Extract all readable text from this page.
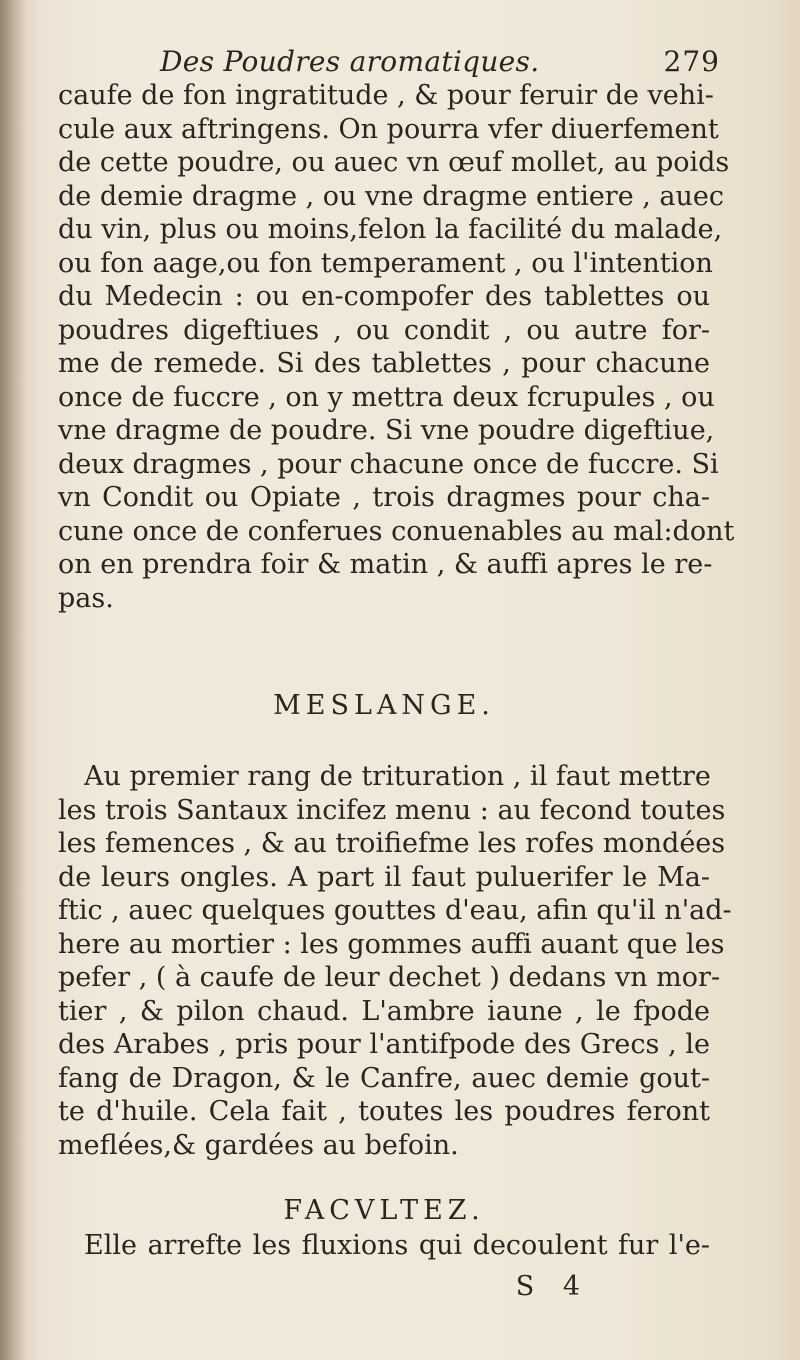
Des Poudres aromatiques.	279
caufe de fon ingratitude , & pour feruir de vehi-
cule aux aftringens. On pourra vfer diuerfement
de cette poudre, ou auec vn œuf mollet, au poids
de demie dragme , ou vne dragme entiere , auec
du vin, plus ou moins,felon la facilité du malade,
ou fon aage,ou fon temperament , ou l'intention
du Medecin : ou en-compofer des tablettes ou
poudres digeftiues , ou condit , ou autre for-
me de remede. Si des tablettes , pour chacune
once de fuccre , on y mettra deux fcrupules , ou
vne dragme de poudre. Si vne poudre digeftiue,
deux dragmes , pour chacune once de fuccre. Si
vn Condit ou Opiate , trois dragmes pour cha-
cune once de conferues conuenables au mal:dont
on en prendra foir & matin , & auffi apres le re-
pas.
MESLANGE.
Au premier rang de trituration , il faut mettre
les trois Santaux incifez menu : au fecond toutes
les femences , & au troifiefme les rofes mondées
de leurs ongles. A part il faut puluerifer le Ma-
ftic , auec quelques gouttes d'eau, afin qu'il n'ad-
here au mortier : les gommes auffi auant que les
pefer , ( à caufe de leur dechet ) dedans vn mor-
tier , & pilon chaud. L'ambre iaune , le fpode
des Arabes , pris pour l'antifpode des Grecs , le
fang de Dragon, & le Canfre, auec demie gout-
te d'huile. Cela fait , toutes les poudres feront
meflées,& gardées au befoin.
FACVLTEZ.
Elle arrefte les fluxions qui decoulent fur l'e-
S 4
